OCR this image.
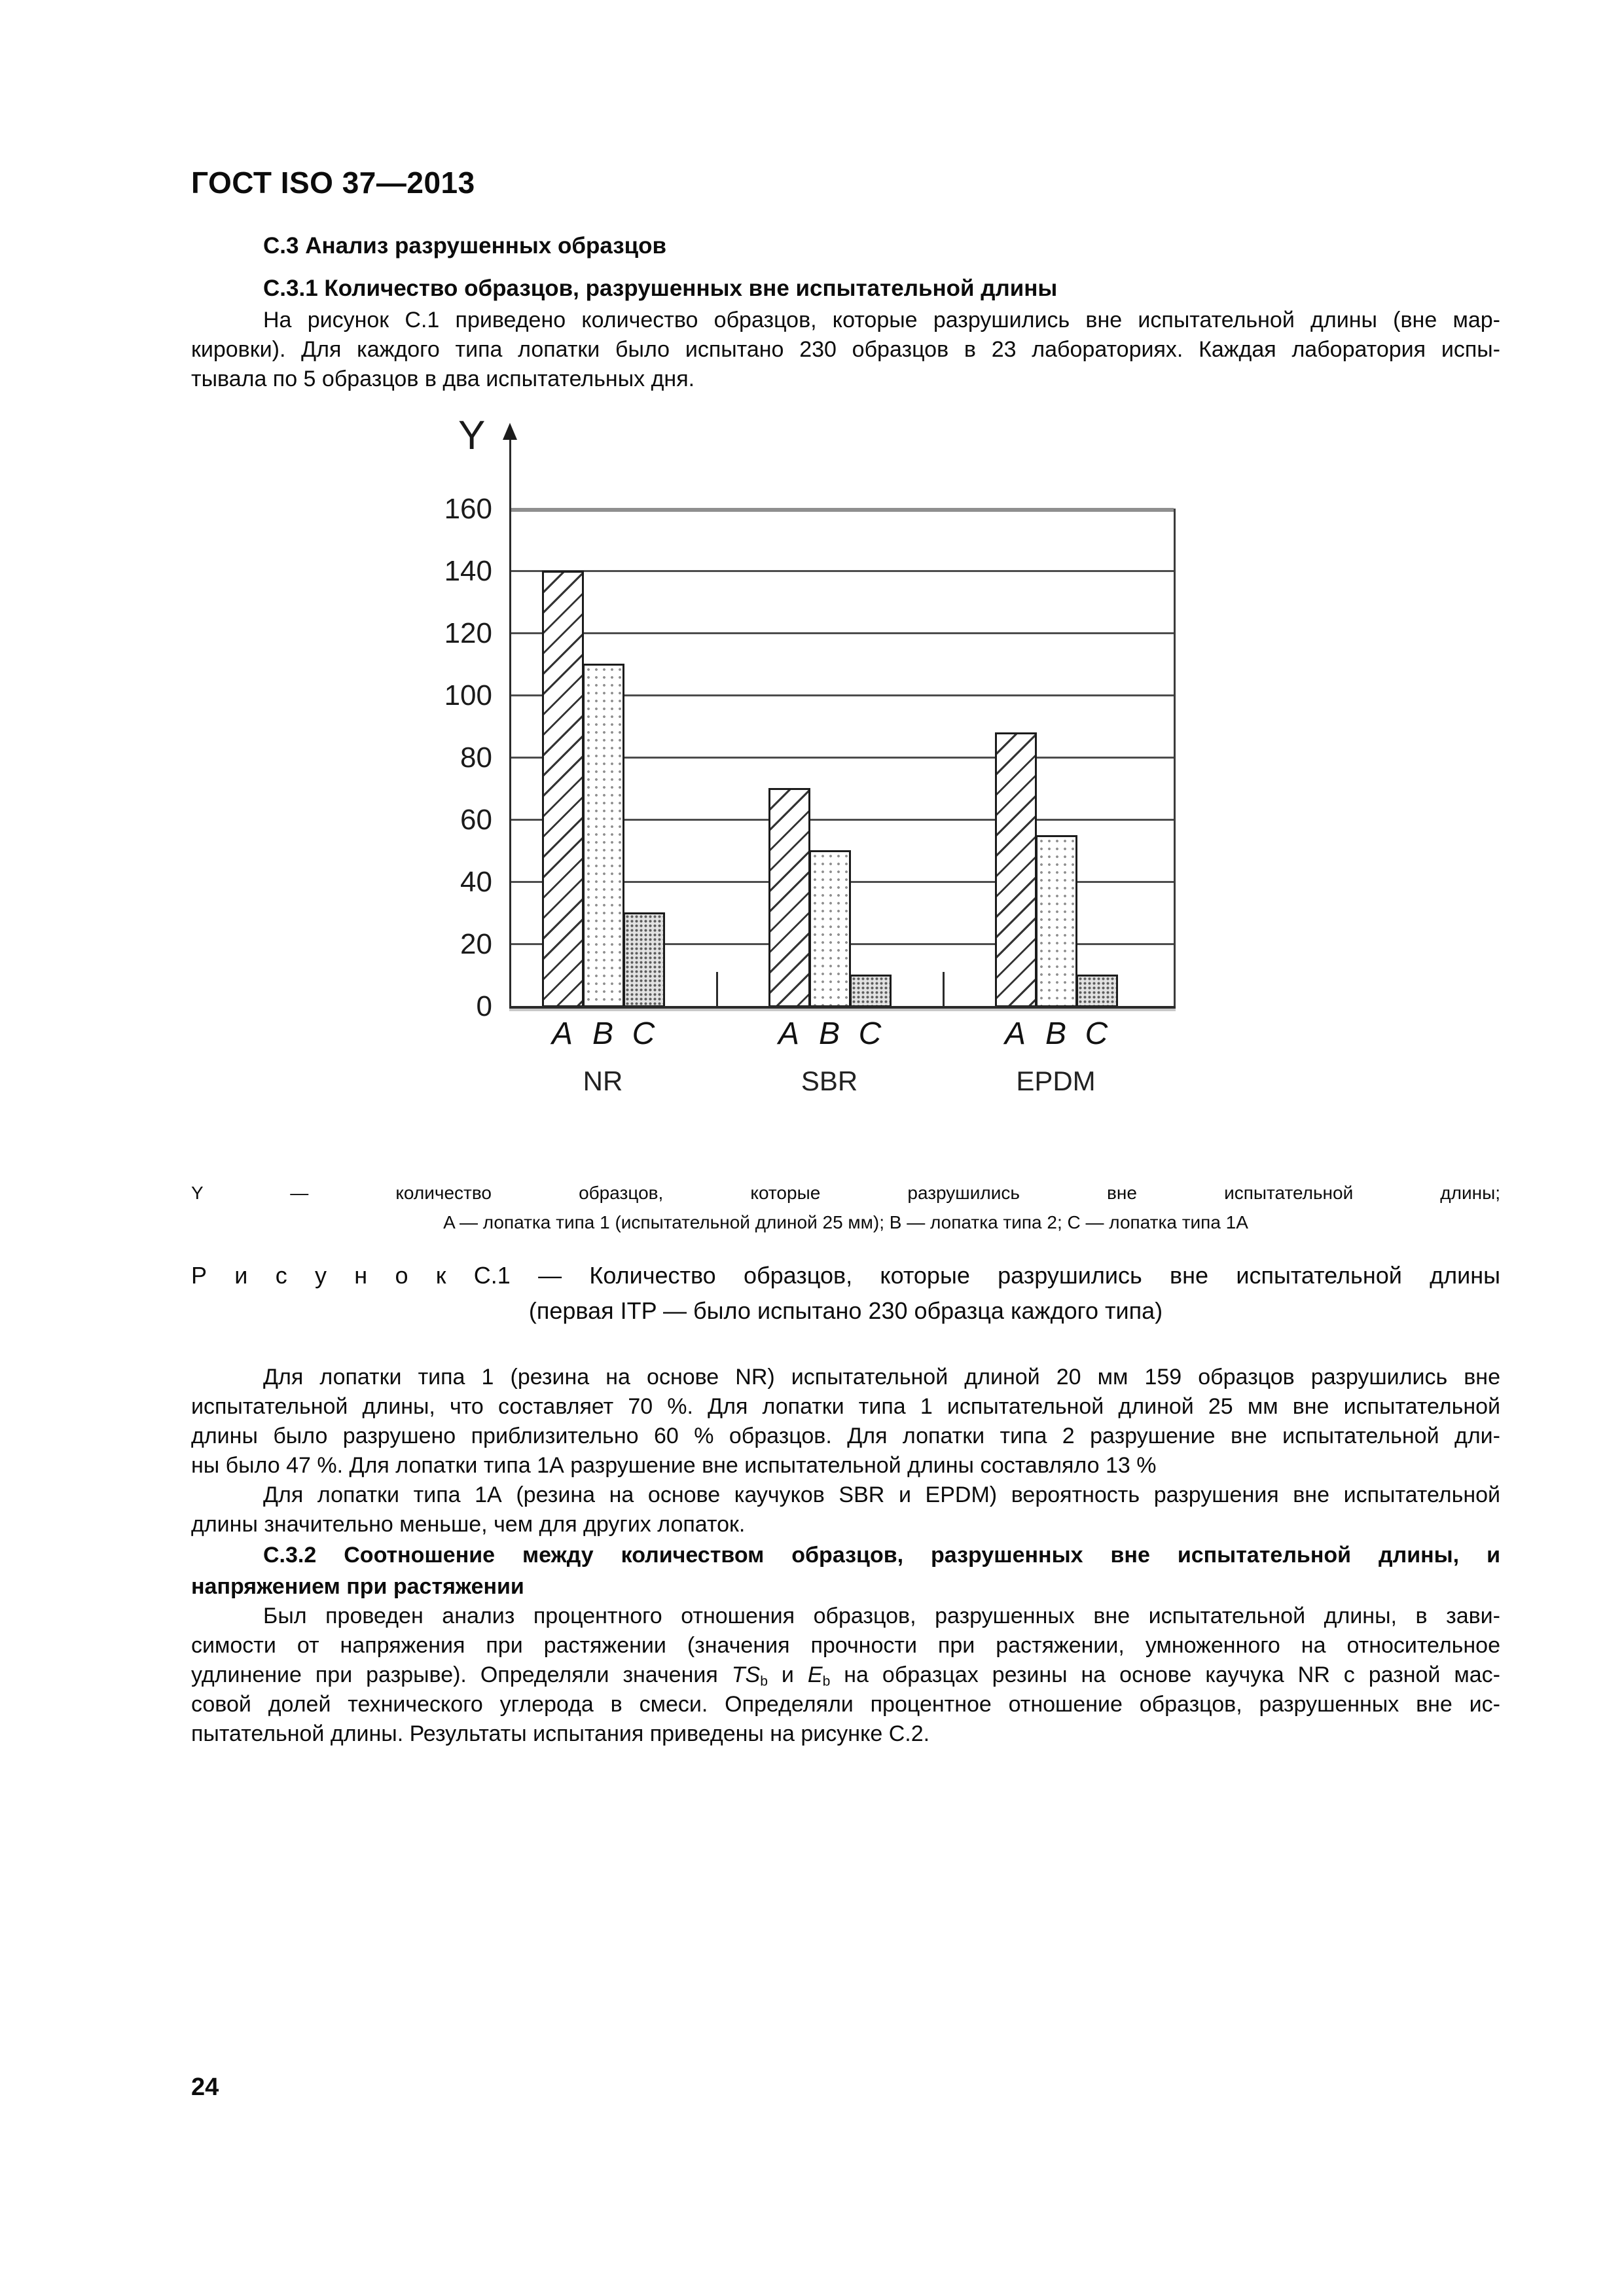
ГОСТ ISO 37—2013
С.3 Анализ разрушенных образцов
С.3.1 Количество образцов, разрушенных вне испытательной длины
На рисунок С.1 приведено количество образцов, которые разрушились вне испытательной длины (вне мар-
кировки). Для каждого типа лопатки было испытано 230 образцов в 23 лабораториях. Каждая лаборатория испы-
тывала по 5 образцов в два испытательных дня.
0
20
40
60
80
100
120
140
160
Y
A B C
NR
A B C
SBR
A B C
EPDM
Y — количество образцов, которые разрушились вне испытательной длины;
A — лопатка типа 1 (испытательной длиной 25 мм); B — лопатка типа 2; C — лопатка типа 1А
Р и с у н о к С.1 — Количество образцов, которые разрушились вне испытательной длины
(первая ITP — было испытано 230 образца каждого типа)
Для лопатки типа 1 (резина на основе NR) испытательной длиной 20 мм 159 образцов разрушились вне
испытательной длины, что составляет 70 %. Для лопатки типа 1 испытательной длиной 25 мм вне испытательной
длины было разрушено приблизительно 60 % образцов. Для лопатки типа 2 разрушение вне испытательной дли-
ны было 47 %. Для лопатки типа 1А разрушение вне испытательной длины составляло 13 %
Для лопатки типа 1А (резина на основе каучуков SBR и EPDM) вероятность разрушения вне испытательной
длины значительно меньше, чем для других лопаток.
С.3.2 Соотношение между количеством образцов, разрушенных вне испытательной длины, и
напряжением при растяжении
Был проведен анализ процентного отношения образцов, разрушенных вне испытательной длины, в зави-
симости от напряжения при растяжении (значения прочности при растяжении, умноженного на относительное
удлинение при разрыве). Определяли значения TSb и Eb на образцах резины на основе каучука NR с разной мас-
совой долей технического углерода в смеси. Определяли процентное отношение образцов, разрушенных вне ис-
пытательной длины. Результаты испытания приведены на рисунке С.2.
24
